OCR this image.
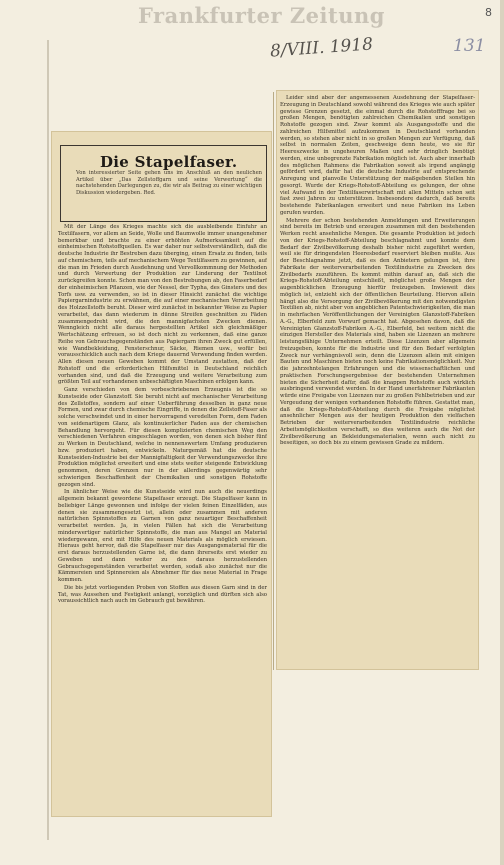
Frankfurter Zeitung
8/VIII. 1918	131
8
Die Stapelfaser.
Von interessierter Seite gehen uns im Anschluß an den neulichen Artikel über „Das Zellstoffgarn und seine Verwertung“ die nachstehenden Darlegungen zu, die wir als Beitrag zu einer wichtigen Diskussion wiedergeben. Red.

Mit der Länge des Krieges machte sich die ausbleibende Einfuhr an Textilfasern, vor allem an Seide, Wolle und Baumwolle immer unangenehmer bemerkbar und brachte zu einer erhöhten Aufmerksamkeit auf die einheimischen Rohstoffquellen. Es war daher nur selbstverständlich, daß die deutsche Industrie ihr Bestreben dazu überging, einen Ersatz zu finden, teils auf chemischem, teils auf mechanischem Wege Textilfasern zu gewinnen, auf die man im Frieden durch Ausdehnung und Vervollkommnung der Methoden und durch Verwertung der Produktion zur Linderung der Textilnot zurückgreifen konnte. Schon man von den Bestrebungen ab, den Faserbedarf der einheimischen Pflanzen, wie der Nessel, der Typha, des Ginsters und des Torfs usw. zu verwenden, so ist in dieser Hinsicht zunächst die wichtige Papiergarnindustrie zu erwähnen, die auf einer mechanischen Verarbeitung des Holzzellstoffs beruht. Dieser wird zunächst in bekannter Weise zu Papier verarbeitet, das dann wiederum in dünne Streifen geschnitten zu Fäden zusammengedreht wird, die den mannigfachsten Zwecken dienen. Wenngleich nicht alle daraus hergestellten Artikel sich gleichmäßiger Wertschätzung erfreuen, so ist doch nicht zu verkennen, daß eine ganze Reihe von Gebrauchsgegenständen aus Papiergarn ihren Zweck gut erfüllen, wie Wandbekleidung, Fensterschnur, Säcke, Riemen usw., wofür bei vorausschicklich auch nach dem Kriege dauernd Verwendung finden werden. Allen diesen neuen Geweben kommt der Umstand zustatten, daß der Rohstoff und die erforderlichen Hilfsmittel in Deutschland reichlich vorhanden sind, und daß die Erzeugung und weitere Verarbeitung zum größten Teil auf vorhandenen unbeschäftigten Maschinen erfolgen kann.

Ganz verschieden von dem vorbeschriebenen Erzeugnis ist die so Kunstseide oder Glanzstoff. Sie beruht nicht auf mechanischer Verarbeitung des Zellstoffes, sondern auf einer Ueberführung desselben in ganz neue Formen, und zwar durch chemische Eingriffe, in denen die Zellstoff-Faser als solche verschwindet und in einer hervorragend veredelten Form, dem Faden von seidenartigem Glanz, als kontinuierlicher Faden aus der chemischen Behandlung hervorgeht. Für diesen komplizierten chemischen Weg den verschiedenen Verfahren eingeschlagen worden, von denen sich bisher fünf zu Werken in Deutschland, welche in nennenswertem Umfang produzieren bzw. produziert haben, entwickeln. Naturgemäß hat die deutsche Kunstseiden-Industrie bei der Mannigfaltigkeit der Verwendungszwecke ihre Produktion möglichst erweitert und eine stets weiter steigende Entwicklung genommen, deren Grenzen nur in der allerdings gegenwärtig sehr schwierigen Beschaffenheit der Chemikalien und sonstigen Rohstoffe gezogen sind.

In ähnlicher Weise wie die Kunstseide wird nun auch die neuerdings allgemein bekannt gewordene Stapelfaser erzeugt. Die Stapelfaser kann in beliebiger Länge gewonnen und infolge der vielen feinen Einzelfäden, aus denen sie zusammengesetzt ist, allein oder zusammen mit anderen natürlichen Spinnstoffen zu Garnen von ganz neuartiger Beschaffenheit verarbeitet werden. Ja, in vielen Fällen hat sich die Verarbeitung minderwertiger natürlicher Spinnstoffe, die man aus Mangel an Material wiedergewann, erst mit Hilfe des neuen Materials als möglich erwiesen. Hieraus geht hervor, daß die Stapelfaser nur das Ausgangsmaterial für die erst daraus herzustellenden Garne ist, die dann ihrerseits erst wieder zu Geweben und dann weiter zu den daraus herzustellenden Gebrauchsgegenständen verarbeitet werden, sodaß also zunächst nur die Kämmereien und Spinnereien als Abnehmer für das neue Material in Frage kommen.

Die bis jetzt vorliegenden Proben von Stoffen aus diesen Garn sind in der Tat, was Aussehen und Festigkeit anlangt, vorzüglich und dürften sich also voraussichtlich nach auch im Gebrauch gut bewähren.

Leider sind aber der angemessenen Ausdehnung der Stapelfaser-Erzeugung in Deutschland sowohl während des Krieges wie auch später gewisse Grenzen gesetzt, die einmal durch die Rohstofffrage bei so großen Mengen, benötigten zahlreichen Chemikalien und sonstigen Rohstoffe gezogen sind. Zwar kommt als Ausgangsstoffe und die zahlreichen Hilfsmittel aufzukommen in Deutschland vorhanden werden, so stehen aber nicht in so großen Mengen zur Verfügung, daß selbst in normalen Zeiten, geschweige denn heute, wo sie für Heereszwecke in ungeheuren Maßen und sehr dringlich benötigt werden, eine unbegrenzte Fabrikation möglich ist. Auch aber innerhalb des möglichen Rahmens die Fabrikation soweit als irgend angängig gefördert wird, dafür hat die deutsche Industrie auf entsprechende Anregung und planvolle Unterstützung der maßgebenden Stellen hin gesorgt. Wurde der Kriegs-Rohstoff-Abteilung es gelungen, der ohne viel Aufwand in der Textilfaserwirtschaft mit allen Mitteln schon seit fast zwei Jahren zu unterstützen. Insbesondere dadurch, daß bereits bestehende Fabrikanlagen erweitert und neue Fabriken ins Leben gerufen wurden.

Mehrere der schon bestehenden Anmeldungen und Erweiterungen sind bereits im Betrieb und erzeugen zusammen mit den bestehenden Werken recht ansehnliche Mengen. Die gesamte Produktion ist jedoch von der Kriegs-Rohstoff-Abteilung beschlagnahmt und konnte dem Bedarf der Zivilbevölkerung deshalb bisher nicht zugeführt werden, weil sie für dringendsten Heeresbedarf reserviert bleiben mußte. Aus der Beschlagnahme jetzt, daß es den Anbietern gelungen ist, ihre Fabrikate der weiterverarbeitenden Textilindustrie zu Zwecken des Zivilbedarfs zuzuführen. Es kommt mithin darauf an, daß sich die Kriegs-Rohstoff-Abteilung entschließt, möglichst große Mengen der augenblicklichen Erzeugung hierfür freizugeben. Inwieweit dies möglich ist, entzieht sich der öffentlichen Beurteilung. Hiervon allein hängt also die Versorgung der Zivilbevölkerung mit den notwendigsten Textilien ab, nicht aber von angeblichen Patentschwierigkeiten, die man in mehrfachen Veröffentlichungen der Vereinigten Glanzstoff-Fabriken A.-G., Elberfeld zum Vorwurf gemacht hat. Abgesehen davon, daß die Vereinigten Glanzstoff-Fabriken A.-G., Elberfeld, bei weitem nicht die einzigen Hersteller des Materials sind, haben sie Lizenzen an mehrere leistungsfähige Unternehmen erteilt. Diese Lizenzen aber allgemein freizugeben, konnte für die Industrie und für den Bedarf verfolgten Zweck nur verhängnisvoll sein, denn die Lizenzen allein mit einigen Bauten und Maschinen bieten noch keine Fabrikationsmöglichkeit. Nur die jahrzehntelangen Erfahrungen und die wissenschaftlichen und praktischen Forschungsergebnisse der bestehenden Unternehmen bieten die Sicherheit dafür, daß die knappen Rohstoffe auch wirklich ausbringend verwendet werden. In der Hand unerfahrener Fabrikanten würde eine Freigabe von Lizenzen nur zu großen Fehlbetrieben und zur Vergeudung der wenigen vorhandenen Rohstoffe führen. Gestattet man, daß die Kriegs-Rohstoff-Abteilung durch die Freigabe möglichst ansehnlicher Mengen aus der heutigen Produktion den vielfachen Betrieben der weiterverarbeitenden Textilindustrie reichliche Arbeitsmöglichkeiten verschafft, so dies weiteren auch die Not der Zivilbevölkerung an Bekleidungsmaterialien, wenn auch nicht zu beseitigen, so doch bis zu einem gewissen Grade zu mildern.
